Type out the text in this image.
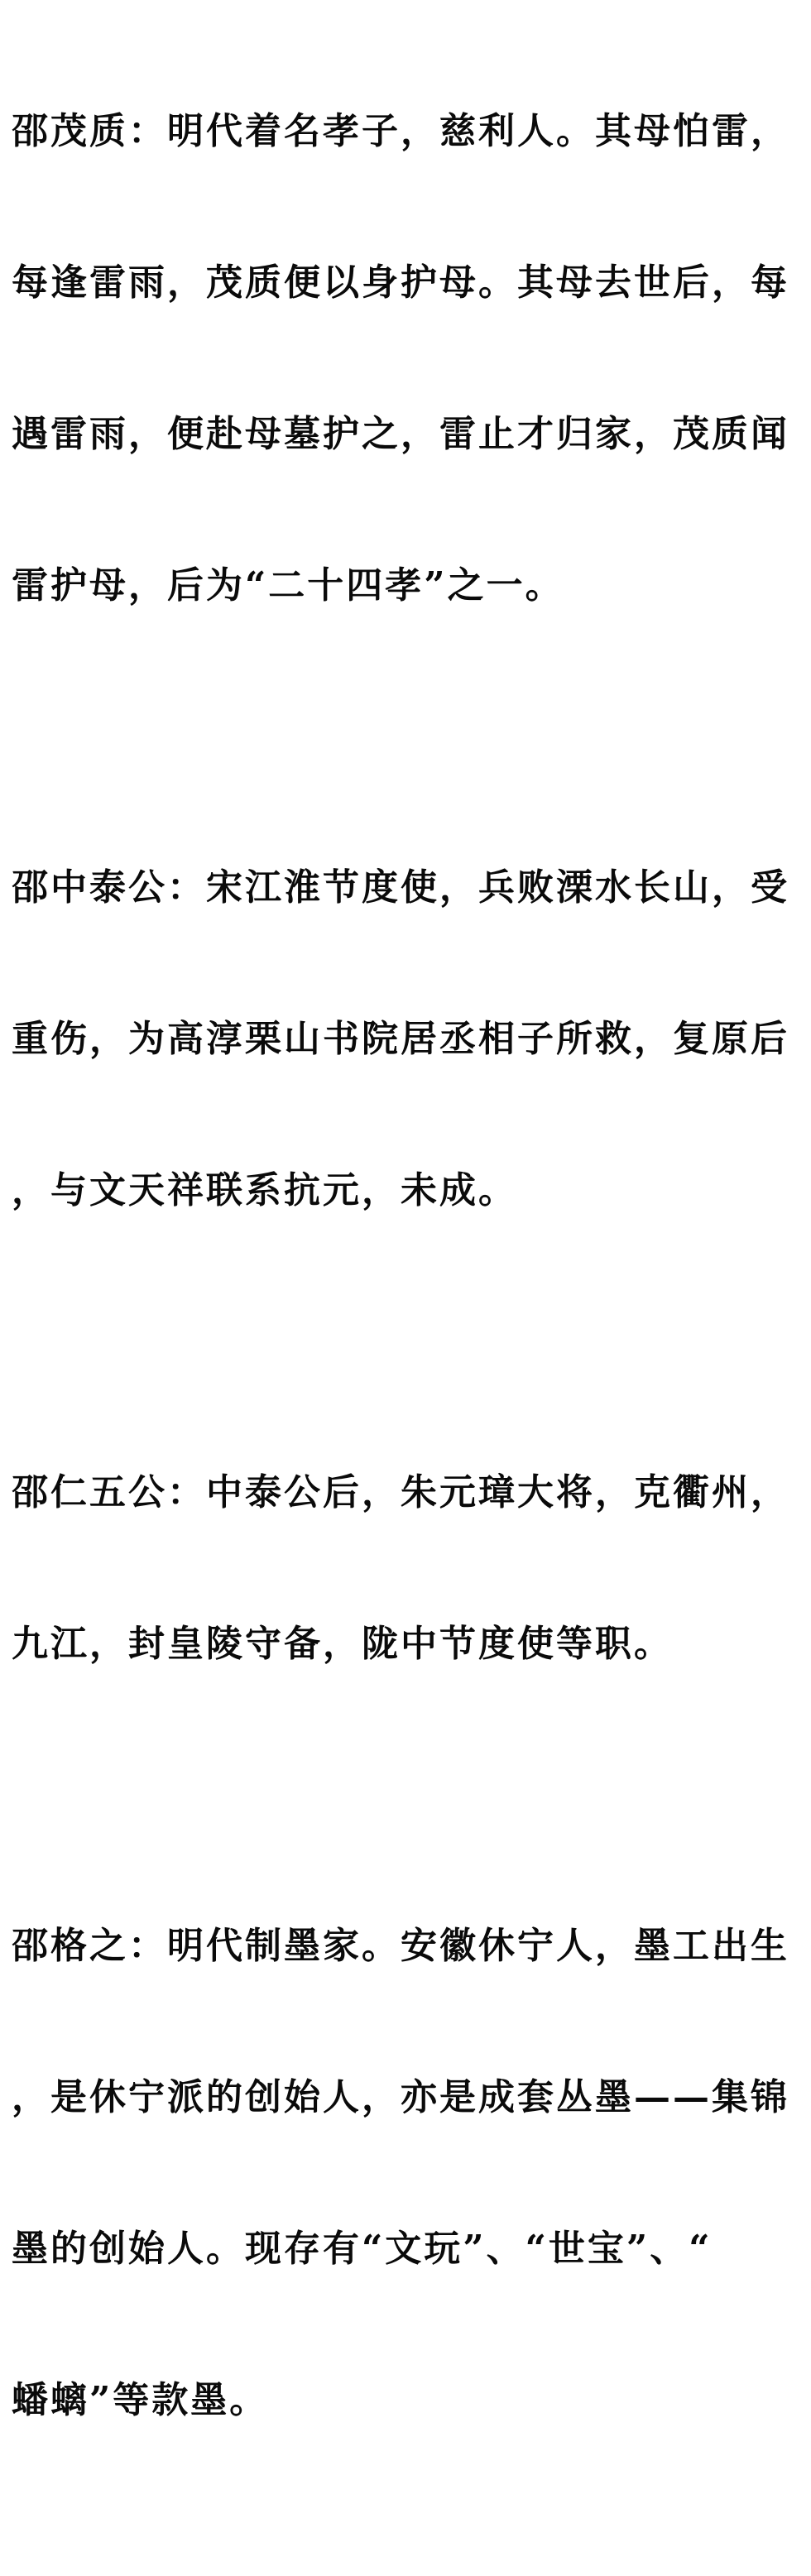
邵茂质：明代着名孝子，慈利人。其母怕雷，

每逢雷雨，茂质便以身护母。其母去世后，每

遇雷雨，便赴母墓护之，雷止才归家，茂质闻

雷护母，后为“二十四孝”之一。

邵中泰公：宋江淮节度使，兵败溧水长山，受

重伤，为高淳栗山书院居丞相子所救，复原后

，与文天祥联系抗元，未成。

邵仁五公：中泰公后，朱元璋大将，克衢州，

九江，封皇陵守备，陇中节度使等职。

邵格之：明代制墨家。安徽休宁人，墨工出生

，是休宁派的创始人，亦是成套丛墨——集锦

墨的创始人。现存有“文玩”、“世宝”、“

蟠螭”等款墨。
